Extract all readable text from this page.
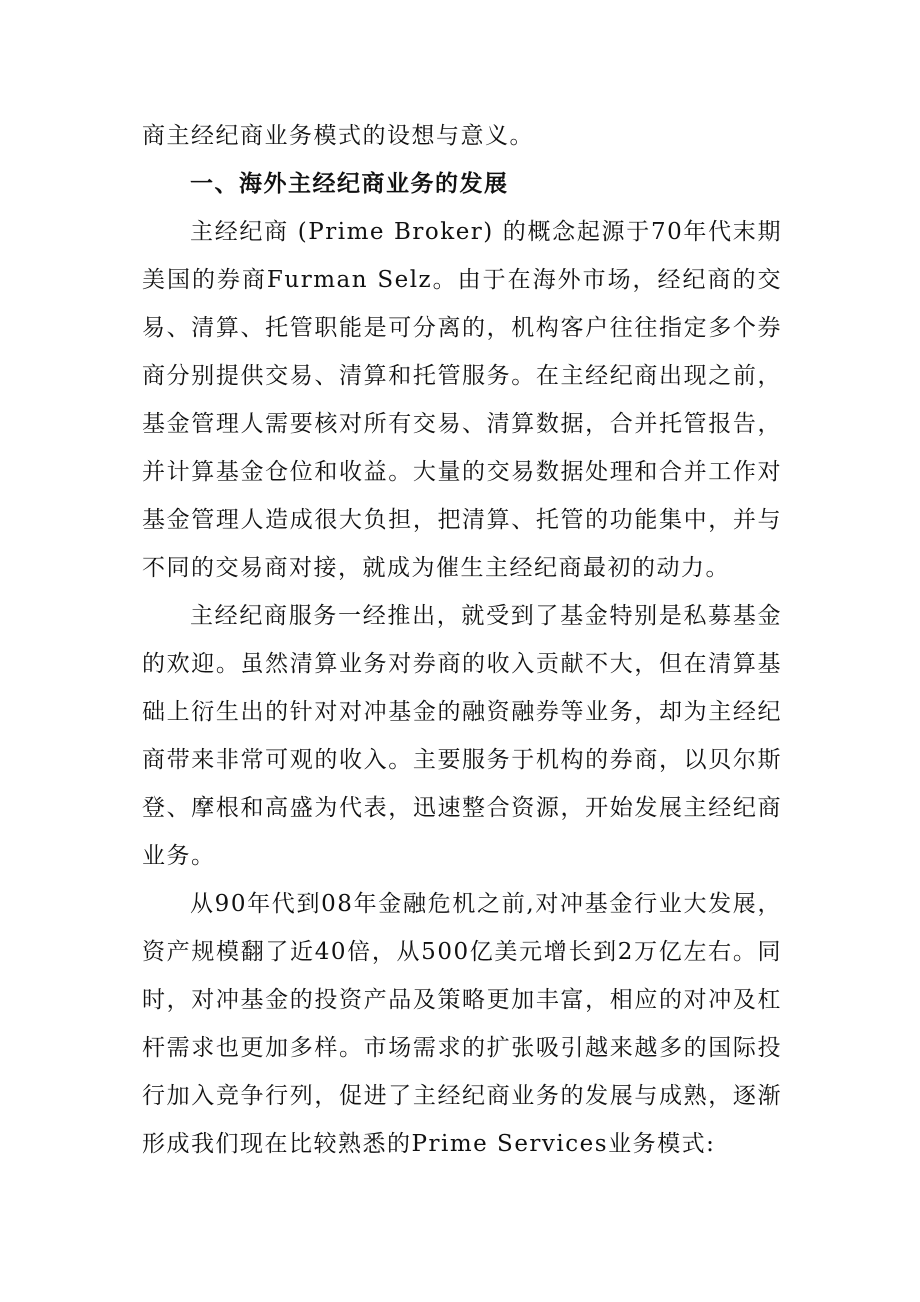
商主经纪商业务模式的设想与意义。

一、海外主经纪商业务的发展

主经纪商 (Prime Broker) 的概念起源于70年代末期美国的券商Furman Selz。由于在海外市场，经纪商的交易、清算、托管职能是可分离的，机构客户往往指定多个券商分别提供交易、清算和托管服务。在主经纪商出现之前，基金管理人需要核对所有交易、清算数据，合并托管报告，并计算基金仓位和收益。大量的交易数据处理和合并工作对基金管理人造成很大负担，把清算、托管的功能集中，并与不同的交易商对接，就成为催生主经纪商最初的动力。

主经纪商服务一经推出，就受到了基金特别是私募基金的欢迎。虽然清算业务对券商的收入贡献不大，但在清算基础上衍生出的针对对冲基金的融资融券等业务，却为主经纪商带来非常可观的收入。主要服务于机构的券商，以贝尔斯登、摩根和高盛为代表，迅速整合资源，开始发展主经纪商业务。

从90年代到08年金融危机之前,对冲基金行业大发展，资产规模翻了近40倍，从500亿美元增长到2万亿左右。同时，对冲基金的投资产品及策略更加丰富，相应的对冲及杠杆需求也更加多样。市场需求的扩张吸引越来越多的国际投行加入竞争行列，促进了主经纪商业务的发展与成熟，逐渐形成我们现在比较熟悉的Prime Services业务模式:
